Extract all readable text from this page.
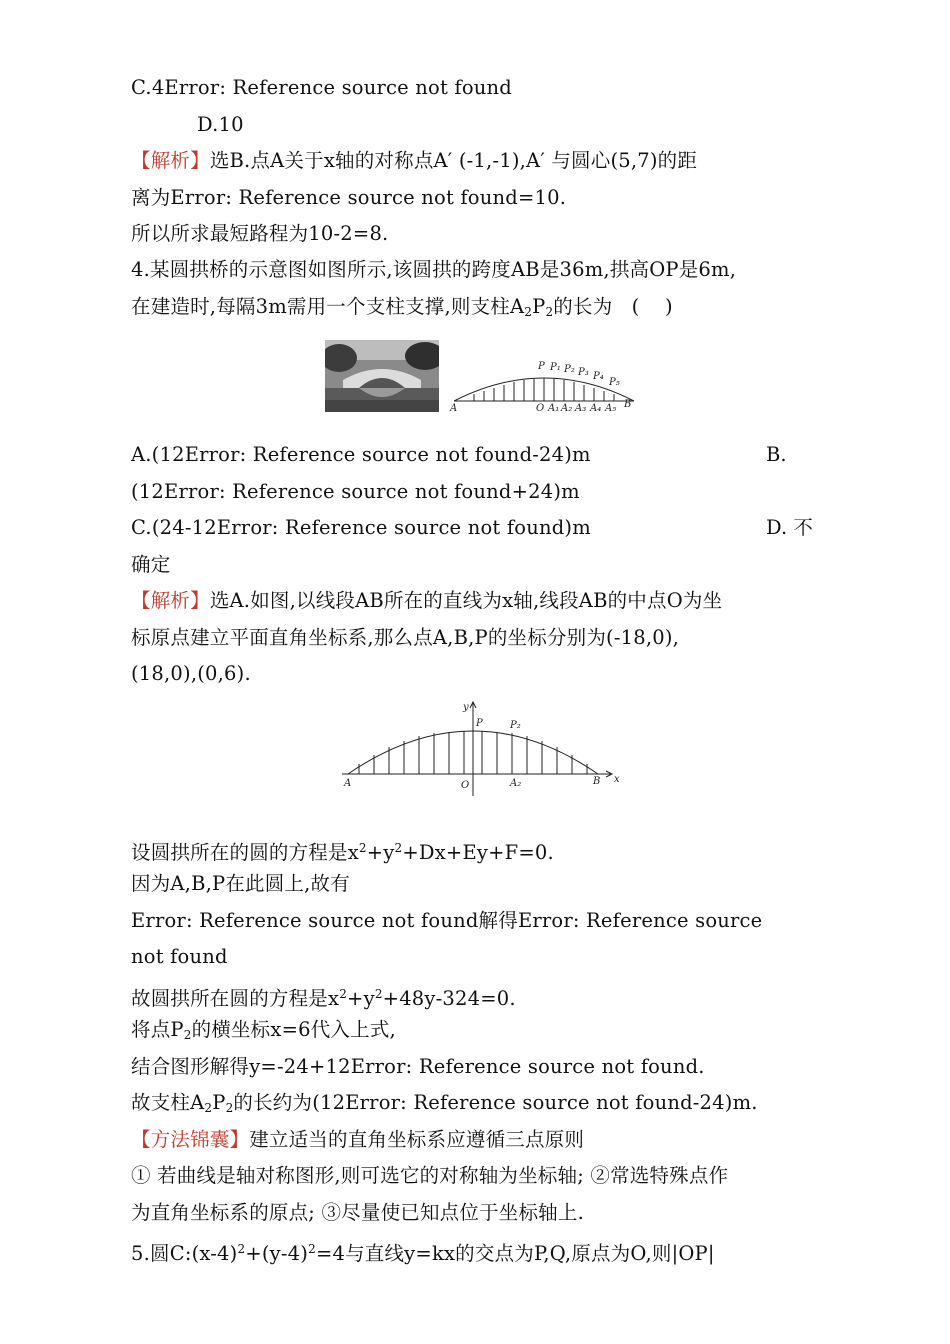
C.4Error: Reference source not found
D.10
【解析】选B.点A关于x轴的对称点A′ (-1,-1),A′ 与圆心(5,7)的距
离为Error: Reference source not found=10.
所以所求最短路程为10-2=8.
4.某圆拱桥的示意图如图所示,该圆拱的跨度AB是36m,拱高OP是6m,
在建造时,每隔3m需用一个支柱支撑,则支柱$A_2P_2$的长为   (    )
P P₁ P₂ P₃ P₄
P₅
A	O A₁ A₂ A₃ A₄ A₅ B
A.(12Error: Reference source not found-24)m	B.
(12Error: Reference source not found+24)m
C.(24-12Error: Reference source not found)m	D. 不
确定
【解析】选A.如图,以线段AB所在的直线为x轴,线段AB的中点O为坐
标原点建立平面直角坐标系,那么点A,B,P的坐标分别为(-18,0),
(18,0),(0,6).
y
x
P	P₂
A	O	A₂	B
设圆拱所在的圆的方程是$x^2+y^2+Dx+Ey+F=0$.
因为A,B,P在此圆上,故有
Error: Reference source not found解得Error: Reference source
not found
故圆拱所在圆的方程是$x^2+y^2+48y-324=0$.
将点$P_2$的横坐标x=6代入上式,
结合图形解得y=-24+12Error: Reference source not found.
故支柱$A_2P_2$的长约为(12Error: Reference source not found-24)m.
【方法锦囊】建立适当的直角坐标系应遵循三点原则
① 若曲线是轴对称图形,则可选它的对称轴为坐标轴; ②常选特殊点作
为直角坐标系的原点; ③尽量使已知点位于坐标轴上.
5.圆$C:(x-4)^2+(y-4)^2=4$与直线y=kx的交点为P,Q,原点为O,则|OP|
